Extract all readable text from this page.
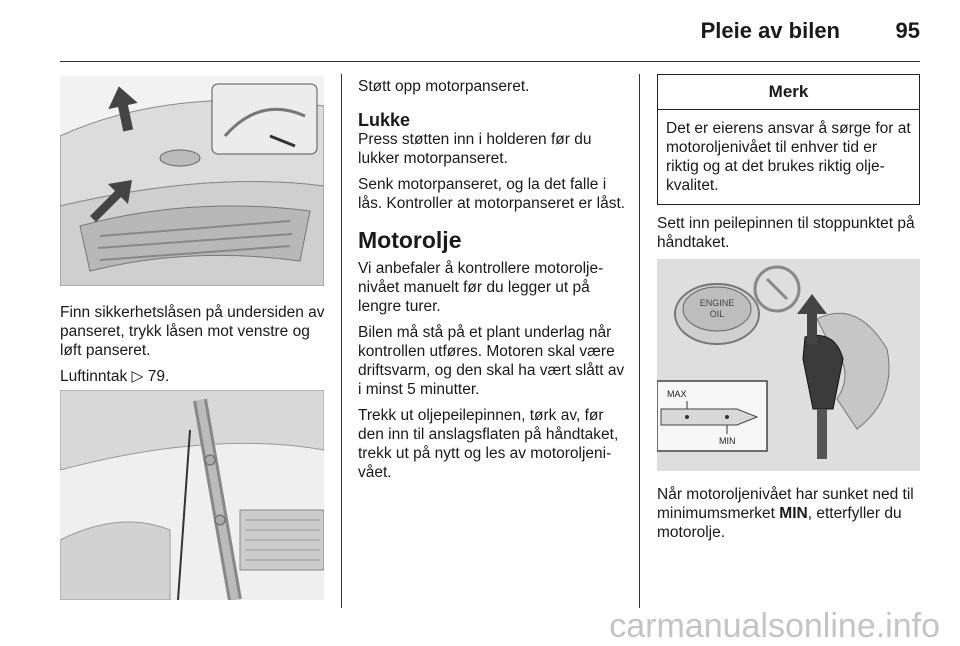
Pleie av bilen	95

Finn sikkerhetslåsen på undersiden av panseret, trykk låsen mot venstre og løft panseret.

Luftinntak ▷ 79.

Støtt opp motorpanseret.

Lukke

Press støtten inn i holderen før du lukker motorpanseret.

Senk motorpanseret, og la det falle i lås. Kontroller at motorpanseret er låst.

Motorolje

Vi anbefaler å kontrollere motorolje-nivået manuelt før du legger ut på lengre turer.

Bilen må stå på et plant underlag når kontrollen utføres. Motoren skal være driftsvarm, og den skal ha vært slått av i minst 5 minutter.

Trekk ut oljepeilepinnen, tørk av, før den inn til anslagsflaten på håndtaket, trekk ut på nytt og les av motoroljeni-vået.

Merk
Det er eierens ansvar å sørge for at motoroljenivået til enhver tid er riktig og at det brukes riktig olje-kvalitet.

Sett inn peilepinnen til stoppunktet på håndtaket.

ENGINE
OIL
MAX
MIN

Når motoroljenivået har sunket ned til minimumsmerket MIN, etterfyller du motorolje.

carmanualsonline.info
